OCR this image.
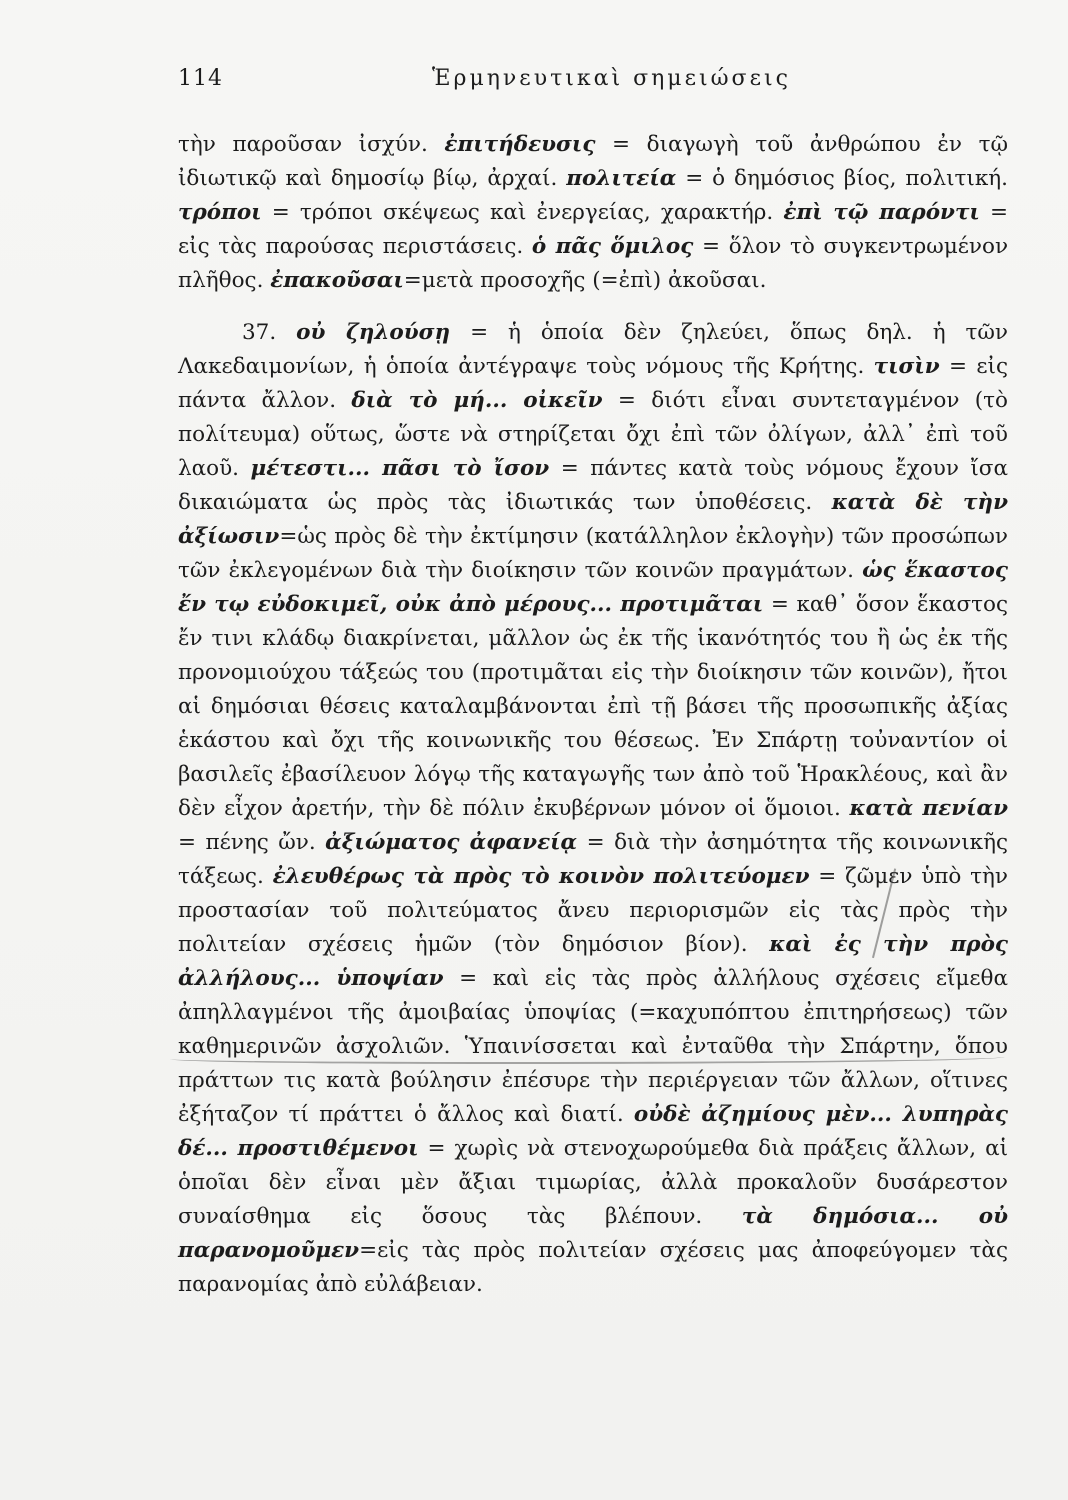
114	Ἑρμηνευτικαὶ σημειώσεις

τὴν παροῦσαν ἰσχύν. ἐπιτήδευσις = διαγωγὴ τοῦ ἀνθρώπου ἐν τῷ ἰδιωτικῷ καὶ δημοσίῳ βίῳ, ἀρχαί. πολιτεία = ὁ δημόσιος βίος, πολιτική. τρόποι = τρόποι σκέψεως καὶ ἐνεργείας, χαρακτήρ. ἐπὶ τῷ παρόντι = εἰς τὰς παρούσας περιστάσεις. ὁ πᾶς ὅμιλος = ὅλον τὸ συγκεντρωμένον πλῆθος. ἐπακοῦσαι=μετὰ προσοχῆς (=ἐπὶ) ἀκοῦσαι.

37. οὐ ζηλούσῃ = ἡ ὁποία δὲν ζηλεύει, ὅπως δηλ. ἡ τῶν Λακεδαιμονίων, ἡ ὁποία ἀντέγραψε τοὺς νόμους τῆς Κρήτης. τισὶν = εἰς πάντα ἄλλον. διὰ τὸ μή... οἰκεῖν = διότι εἶναι συντεταγμένον (τὸ πολίτευμα) οὕτως, ὥστε νὰ στηρίζεται ὄχι ἐπὶ τῶν ὀλίγων, ἀλλ᾽ ἐπὶ τοῦ λαοῦ. μέτεστι... πᾶσι τὸ ἴσον = πάντες κατὰ τοὺς νόμους ἔχουν ἴσα δικαιώματα ὡς πρὸς τὰς ἰδιωτικάς των ὑποθέσεις. κατὰ δὲ τὴν ἀξίωσιν=ὡς πρὸς δὲ τὴν ἐκτίμησιν (κατάλληλον ἐκλογὴν) τῶν προσώπων τῶν ἐκλεγομένων διὰ τὴν διοίκησιν τῶν κοινῶν πραγμάτων. ὡς ἕκαστος ἔν τῳ εὐδοκιμεῖ, οὐκ ἀπὸ μέρους... προτιμᾶται = καθ᾽ ὅσον ἕκαστος ἔν τινι κλάδῳ διακρίνεται, μᾶλλον ὡς ἐκ τῆς ἱκανότητός του ἢ ὡς ἐκ τῆς προνομιούχου τάξεώς του (προτιμᾶται εἰς τὴν διοίκησιν τῶν κοινῶν), ἤτοι αἱ δημόσιαι θέσεις καταλαμβάνονται ἐπὶ τῇ βάσει τῆς προσωπικῆς ἀξίας ἑκάστου καὶ ὄχι τῆς κοινωνικῆς του θέσεως. Ἐν Σπάρτῃ τοὐναντίον οἱ βασιλεῖς ἐβασίλευον λόγῳ τῆς καταγωγῆς των ἀπὸ τοῦ Ἡρακλέους, καὶ ἂν δὲν εἶχον ἀρετήν, τὴν δὲ πόλιν ἐκυβέρνων μόνον οἱ ὅμοιοι. κατὰ πενίαν = πένης ὤν. ἀξιώματος ἀφανείᾳ = διὰ τὴν ἀσημότητα τῆς κοινωνικῆς τάξεως. ἐλευθέρως τὰ πρὸς τὸ κοινὸν πολιτεύομεν = ζῶμεν ὑπὸ τὴν προστασίαν τοῦ πολιτεύματος ἄνευ περιορισμῶν εἰς τὰς πρὸς τὴν πολιτείαν σχέσεις ἡμῶν (τὸν δημόσιον βίον). καὶ ἐς τὴν πρὸς ἀλλήλους... ὑποψίαν = καὶ εἰς τὰς πρὸς ἀλλήλους σχέσεις εἴμεθα ἀπηλλαγμένοι τῆς ἀμοιβαίας ὑποψίας (=καχυπόπτου ἐπιτηρήσεως) τῶν καθημερινῶν ἀσχολιῶν. Ὑπαινίσσεται καὶ ἐνταῦθα τὴν Σπάρτην, ὅπου πράττων τις κατὰ βούλησιν ἐπέσυρε τὴν περιέργειαν τῶν ἄλλων, οἵτινες ἐξήταζον τί πράττει ὁ ἄλλος καὶ διατί. οὐδὲ ἀζημίους μὲν... λυπηρὰς δέ... προστιθέμενοι = χωρὶς νὰ στενοχωρούμεθα διὰ πράξεις ἄλλων, αἱ ὁποῖαι δὲν εἶναι μὲν ἄξιαι τιμωρίας, ἀλλὰ προκαλοῦν δυσάρεστον συναίσθημα εἰς ὅσους τὰς βλέπουν. τὰ δημόσια... οὐ παρανομοῦμεν=εἰς τὰς πρὸς πολιτείαν σχέσεις μας ἀποφεύγομεν τὰς παρανομίας ἀπὸ εὐλάβειαν.
